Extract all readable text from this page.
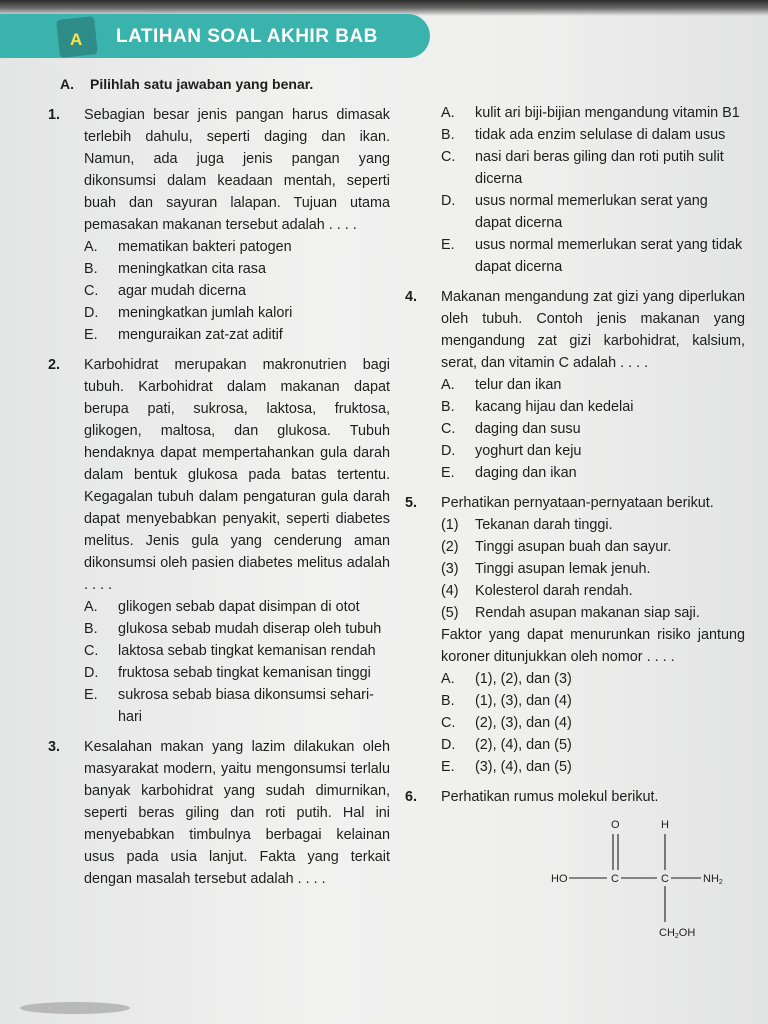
A LATIHAN SOAL AKHIR BAB
A. Pilihlah satu jawaban yang benar.
1. Sebagian besar jenis pangan harus dimasak terlebih dahulu, seperti daging dan ikan. Namun, ada juga jenis pangan yang dikonsumsi dalam keadaan mentah, seperti buah dan sayuran lalapan. Tujuan utama pemasakan makanan tersebut adalah . . . .
A. mematikan bakteri patogen
B. meningkatkan cita rasa
C. agar mudah dicerna
D. meningkatkan jumlah kalori
E. menguraikan zat-zat aditif
2. Karbohidrat merupakan makronutrien bagi tubuh. Karbohidrat dalam makanan dapat berupa pati, sukrosa, laktosa, fruktosa, glikogen, maltosa, dan glukosa. Tubuh hendaknya dapat mempertahankan gula darah dalam bentuk glukosa pada batas tertentu. Kegagalan tubuh dalam pengaturan gula darah dapat menyebabkan penyakit, seperti diabetes melitus. Jenis gula yang cenderung aman dikonsumsi oleh pasien diabetes melitus adalah . . . .
A. glikogen sebab dapat disimpan di otot
B. glukosa sebab mudah diserap oleh tubuh
C. laktosa sebab tingkat kemanisan rendah
D. fruktosa sebab tingkat kemanisan tinggi
E. sukrosa sebab biasa dikonsumsi sehari-hari
3. Kesalahan makan yang lazim dilakukan oleh masyarakat modern, yaitu mengonsumsi terlalu banyak karbohidrat yang sudah dimurnikan, seperti beras giling dan roti putih. Hal ini menyebabkan timbulnya berbagai kelainan usus pada usia lanjut. Fakta yang terkait dengan masalah tersebut adalah . . . .
A. kulit ari biji-bijian mengandung vitamin B1
B. tidak ada enzim selulase di dalam usus
C. nasi dari beras giling dan roti putih sulit dicerna
D. usus normal memerlukan serat yang dapat dicerna
E. usus normal memerlukan serat yang tidak dapat dicerna
4. Makanan mengandung zat gizi yang diperlukan oleh tubuh. Contoh jenis makanan yang mengandung zat gizi karbohidrat, kalsium, serat, dan vitamin C adalah . . . .
A. telur dan ikan
B. kacang hijau dan kedelai
C. daging dan susu
D. yoghurt dan keju
E. daging dan ikan
5. Perhatikan pernyataan-pernyataan berikut.
(1) Tekanan darah tinggi.
(2) Tinggi asupan buah dan sayur.
(3) Tinggi asupan lemak jenuh.
(4) Kolesterol darah rendah.
(5) Rendah asupan makanan siap saji.
Faktor yang dapat menurunkan risiko jantung koroner ditunjukkan oleh nomor . . . .
A. (1), (2), dan (3)
B. (1), (3), dan (4)
C. (2), (3), dan (4)
D. (2), (4), dan (5)
E. (3), (4), dan (5)
6. Perhatikan rumus molekul berikut.
O	H
HO	C	C	NH2
CH2OH
